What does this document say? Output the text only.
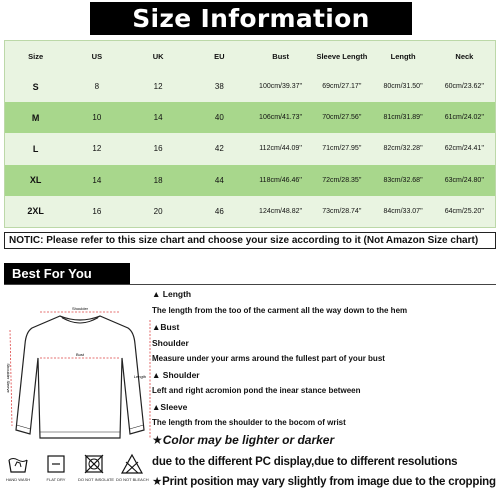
Size Information
Size	US	UK	EU	Bust	Sleeve Length	Length	Neck
S	8	12	38	100cm/39.37''	69cm/27.17''	80cm/31.50''	60cm/23.62''
M	10	14	40	106cm/41.73''	70cm/27.56''	81cm/31.89''	61cm/24.02''
L	12	16	42	112cm/44.09''	71cm/27.95''	82cm/32.28''	62cm/24.41''
XL	14	18	44	118cm/46.46''	72cm/28.35''	83cm/32.68''	63cm/24.80''
2XL	16	20	46	124cm/48.82''	73cm/28.74''	84cm/33.07''	64cm/25.20''
NOTIC: Please refer to this size chart and choose your size according to it (Not Amazon Size chart)
Best For You
Shoulder
Bust
Length
Shoulder Sleeve
HAND WASH	FLAT DRY	DO NOT INSOLATE DO NOT BLEACH
▲ Length
The length from the too of the carment all the way down to the hem
▲Bust
Shoulder
Measure under your arms around the fullest part of your bust
▲ Shoulder
Left and right acromion pond the inear stance between
▲Sleeve
The length from the shoulder to the bocom of wrist
★Color may be lighter or darker
due to the different PC display,due to different resolutions
★Print position may vary slightly from image due to the cropping
